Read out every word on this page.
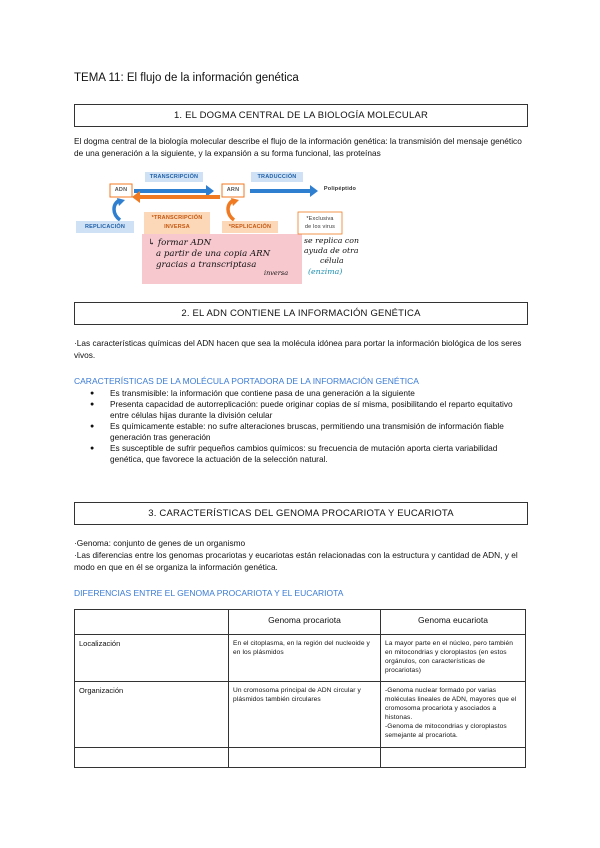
TEMA 11: El flujo de la información genética
1. EL DOGMA CENTRAL DE LA BIOLOGÍA MOLECULAR
El dogma central de la biología molecular describe el flujo de la información genética: la transmisión del mensaje genético de una generación a la siguiente, y la expansión a su forma funcional, las proteínas
TRANSCRIPCIÓN	TRADUCCIÓN
ADN	ARN	Polipéptido
REPLICACIÓN
*TRANSCRIPCIÓN
INVERSA	*REPLICACIÓN
*Exclusiva
de los virus
↳ formar ADN
a partir de una copia ARN
gracias a transcriptasa
inversa
se replica con
ayuda de otra
célula
(enzima)
2. EL ADN CONTIENE LA INFORMACIÓN GENÉTICA
·Las características químicas del ADN hacen que sea la molécula idónea para portar la información biológica de los seres vivos.
CARACTERÍSTICAS DE LA MOLÉCULA PORTADORA DE LA INFORMACIÓN GENÉTICA
● Es transmisible: la información que contiene pasa de una generación a la siguiente
● Presenta capacidad de autorreplicación: puede originar copias de sí misma, posibilitando el reparto equitativo entre células hijas durante la división celular
● Es químicamente estable: no sufre alteraciones bruscas, permitiendo una transmisión de información fiable generación tras generación
● Es susceptible de sufrir pequeños cambios químicos: su frecuencia de mutación aporta cierta variabilidad genética, que favorece la actuación de la selección natural.
3. CARACTERÍSTICAS DEL GENOMA PROCARIOTA Y EUCARIOTA
·Genoma: conjunto de genes de un organismo
·Las diferencias entre los genomas procariotas y eucariotas están relacionadas con la estructura y cantidad de ADN, y el modo en que en él se organiza la información genética.
DIFERENCIAS ENTRE EL GENOMA PROCARIOTA Y EL EUCARIOTA
	Genoma procariota	Genoma eucariota
Localización	En el citoplasma, en la región del nucleoide y en los plásmidos	La mayor parte en el núcleo, pero también en mitocondrias y cloroplastos (en estos orgánulos, con características de procariotas)
Organización	Un cromosoma principal de ADN circular y plásmidos también circulares	-Genoma nuclear formado por varias moléculas lineales de ADN, mayores que el cromosoma procariota y asociados a histonas.
-Genoma de mitocondrias y cloroplastos semejante al procariota.
